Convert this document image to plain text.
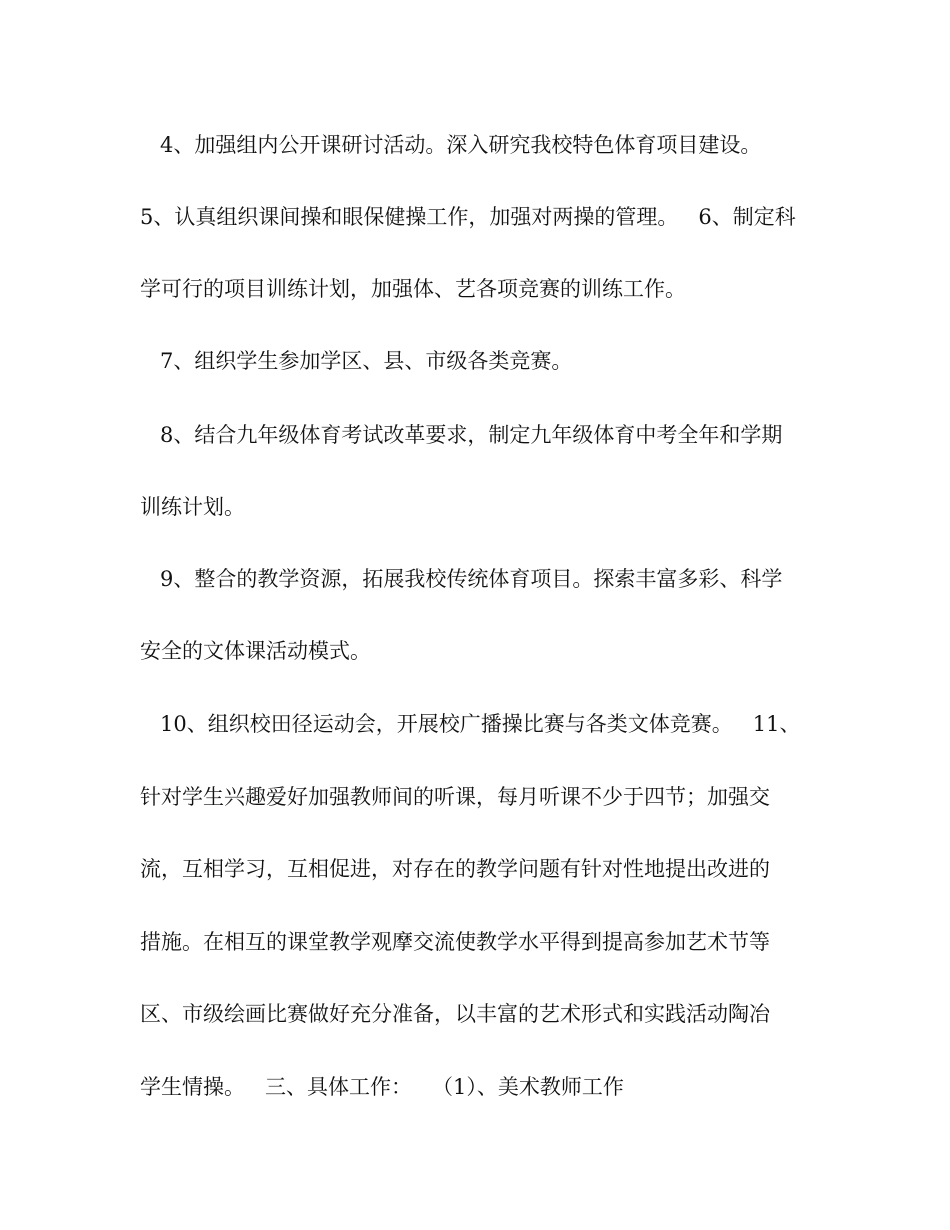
4、加强组内公开课研讨活动。深入研究我校特色体育项目建设。
5、认真组织课间操和眼保健操工作，加强对两操的管理。   6、制定科
学可行的项目训练计划，加强体、艺各项竞赛的训练工作。
7、组织学生参加学区、县、市级各类竞赛。
8、结合九年级体育考试改革要求，制定九年级体育中考全年和学期
训练计划。
9、整合的教学资源，拓展我校传统体育项目。探索丰富多彩、科学
安全的文体课活动模式。
10、组织校田径运动会，开展校广播操比赛与各类文体竞赛。   11、
针对学生兴趣爱好加强教师间的听课，每月听课不少于四节；加强交
流，互相学习，互相促进，对存在的教学问题有针对性地提出改进的
措施。在相互的课堂教学观摩交流使教学水平得到提高参加艺术节等
区、市级绘画比赛做好充分准备，以丰富的艺术形式和实践活动陶冶
学生情操。   三、具体工作：   （1）、美术教师工作
